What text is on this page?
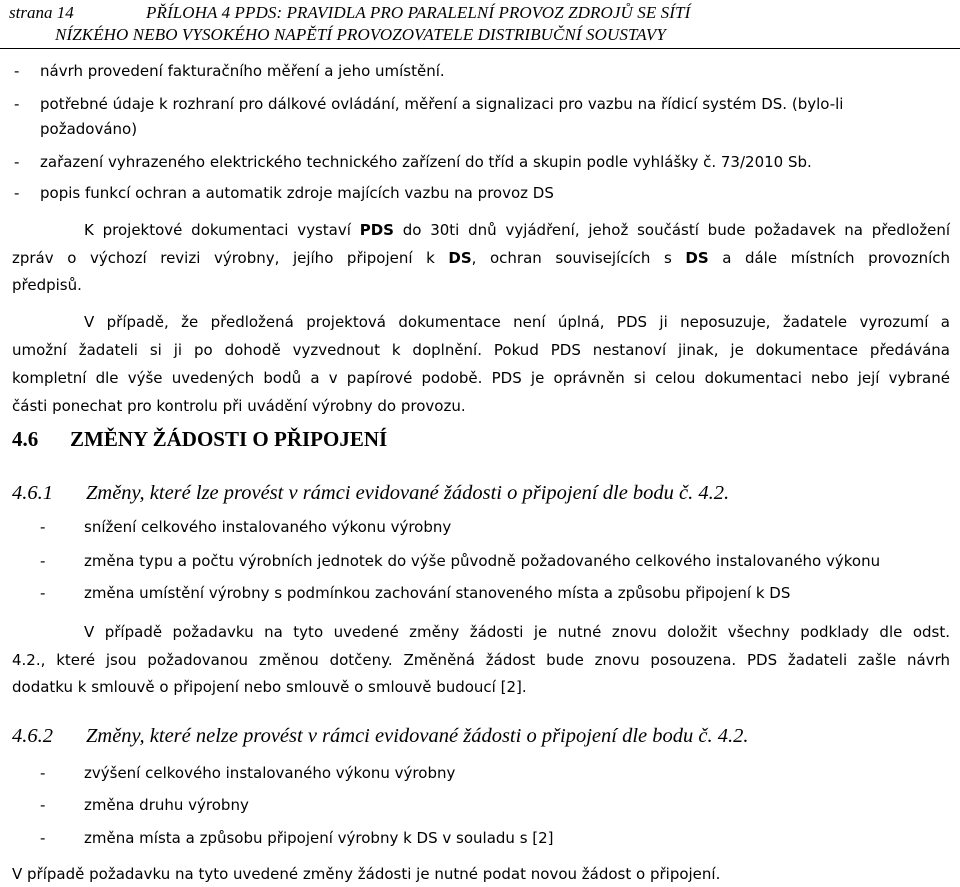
strana 14	PŘÍLOHA 4 PPDS: PRAVIDLA PRO PARALELNÍ PROVOZ ZDROJŮ SE SÍTÍ
NÍZKÉHO NEBO VYSOKÉHO NAPĚTÍ PROVOZOVATELE DISTRIBUČNÍ SOUSTAVY
- návrh provedení fakturačního měření a jeho umístění.
- potřebné údaje k rozhraní pro dálkové ovládání, měření a signalizaci pro vazbu na řídicí systém DS. (bylo-li
požadováno)
- zařazení vyhrazeného elektrického technického zařízení do tříd a skupin podle vyhlášky č. 73/2010 Sb.
- popis funkcí ochran a automatik zdroje majících vazbu na provoz DS
K projektové dokumentaci vystaví PDS do 30ti dnů vyjádření, jehož součástí bude požadavek na předložení
zpráv o výchozí revizi výrobny, jejího připojení k DS, ochran souvisejících s DS a dále místních provozních
předpisů.
V případě, že předložená projektová dokumentace není úplná, PDS ji neposuzuje, žadatele vyrozumí a
umožní žadateli si ji po dohodě vyzvednout k doplnění. Pokud PDS nestanoví jinak, je dokumentace předávána
kompletní dle výše uvedených bodů a v papírové podobě. PDS je oprávněn si celou dokumentaci nebo její vybrané
části ponechat pro kontrolu při uvádění výrobny do provozu.
4.6 ZMĚNY ŽÁDOSTI O PŘIPOJENÍ
4.6.1 Změny, které lze provést v rámci evidované žádosti o připojení dle bodu č. 4.2.
-	snížení celkového instalovaného výkonu výrobny
-	změna typu a počtu výrobních jednotek do výše původně požadovaného celkového instalovaného výkonu
-	změna umístění výrobny s podmínkou zachování stanoveného místa a způsobu připojení k DS
V případě požadavku na tyto uvedené změny žádosti je nutné znovu doložit všechny podklady dle odst.
4.2., které jsou požadovanou změnou dotčeny. Změněná žádost bude znovu posouzena. PDS žadateli zašle návrh
dodatku k smlouvě o připojení nebo smlouvě o smlouvě budoucí [2].
4.6.2 Změny, které nelze provést v rámci evidované žádosti o připojení dle bodu č. 4.2.
-	zvýšení celkového instalovaného výkonu výrobny
-	změna druhu výrobny
-	změna místa a způsobu připojení výrobny k DS v souladu s [2]
V případě požadavku na tyto uvedené změny žádosti je nutné podat novou žádost o připojení.
